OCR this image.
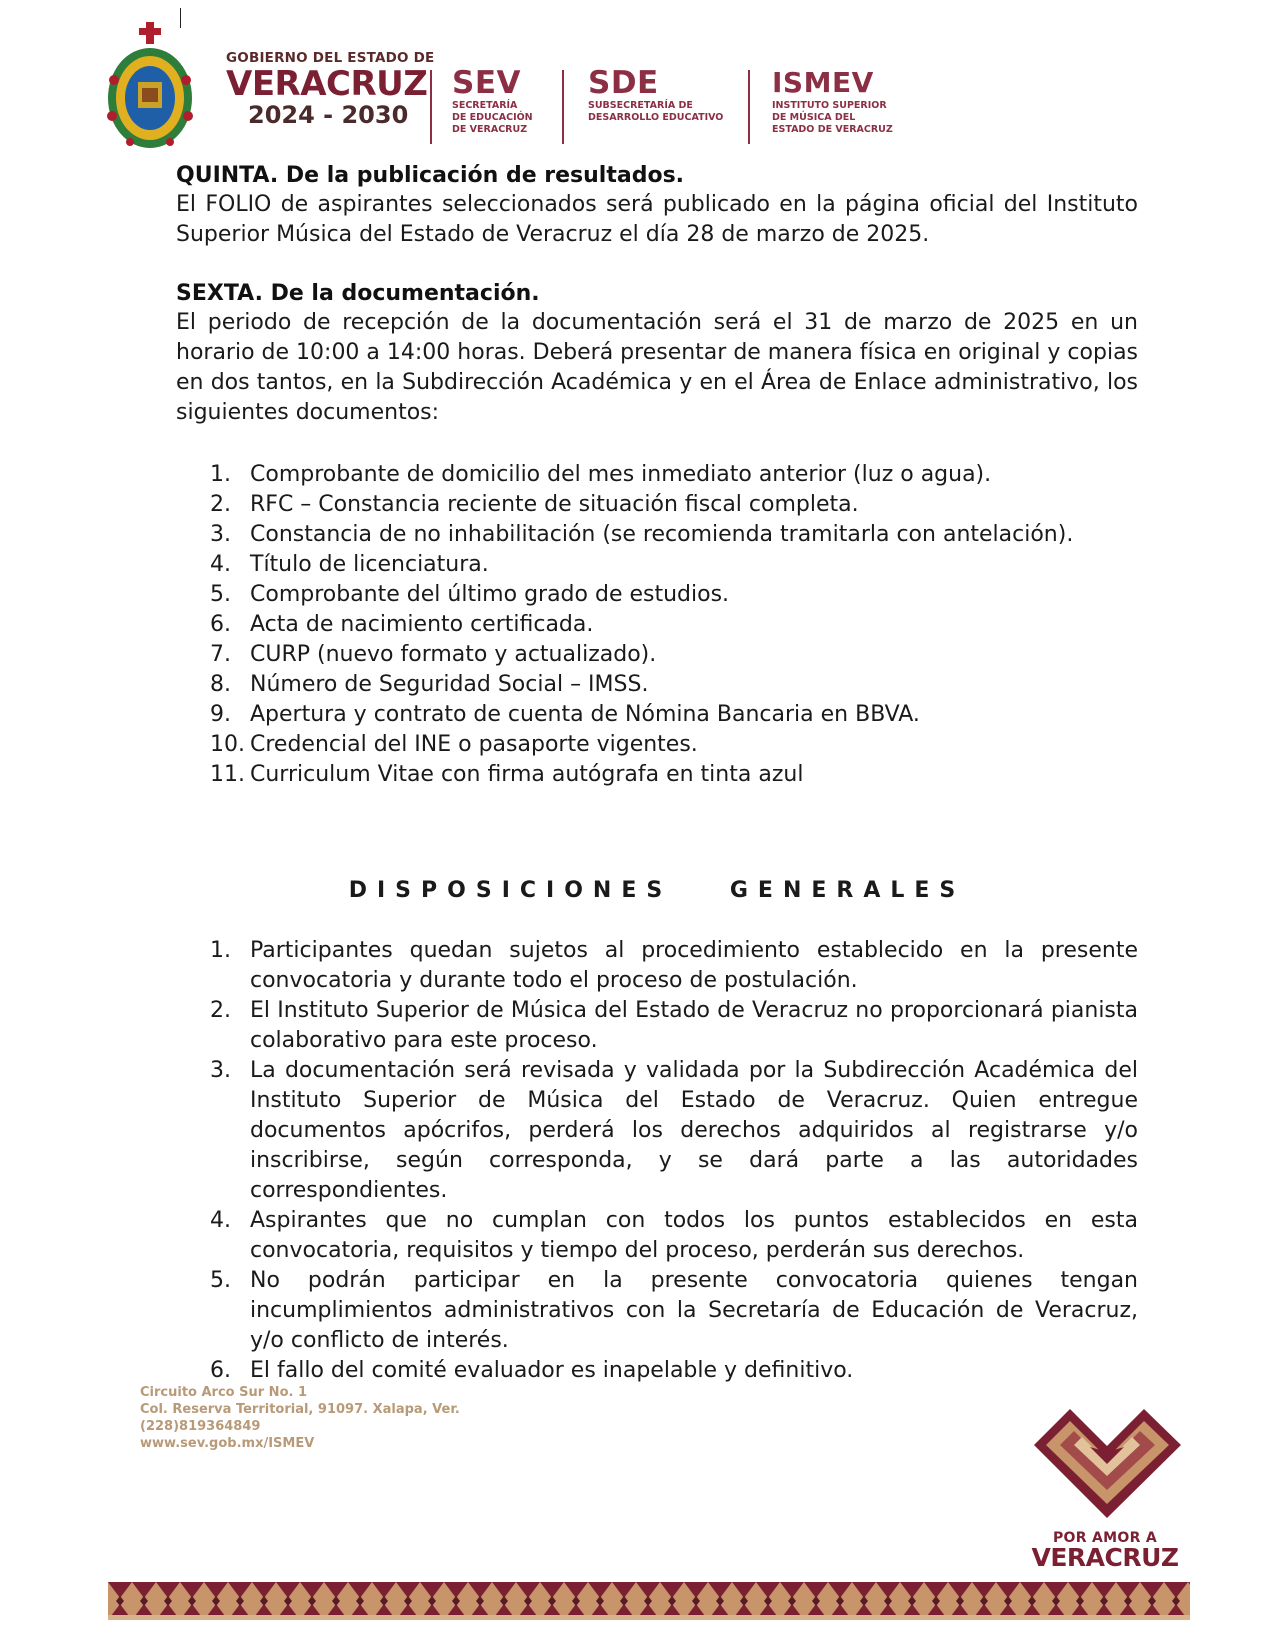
GOBIERNO DEL ESTADO DE
VERACRUZ
2024 - 2030
SEV
SECRETARÍA
DE EDUCACIÓN
DE VERACRUZ
SDE
SUBSECRETARÍA DE
DESARROLLO EDUCATIVO
ISMEV
INSTITUTO SUPERIOR
DE MÚSICA DEL
ESTADO DE VERACRUZ
QUINTA. De la publicación de resultados.
El FOLIO de aspirantes seleccionados será publicado en la página oficial del Instituto Superior Música del Estado de Veracruz el día 28 de marzo de 2025.
SEXTA. De la documentación.
El periodo de recepción de la documentación será el 31 de marzo de 2025 en un horario de 10:00 a 14:00 horas. Deberá presentar de manera física en original y copias en dos tantos, en la Subdirección Académica y en el Área de Enlace administrativo, los siguientes documentos:
1. Comprobante de domicilio del mes inmediato anterior (luz o agua).
2. RFC – Constancia reciente de situación fiscal completa.
3. Constancia de no inhabilitación (se recomienda tramitarla con antelación).
4. Título de licenciatura.
5. Comprobante del último grado de estudios.
6. Acta de nacimiento certificada.
7. CURP (nuevo formato y actualizado).
8. Número de Seguridad Social – IMSS.
9. Apertura y contrato de cuenta de Nómina Bancaria en BBVA.
10. Credencial del INE o pasaporte vigentes.
11. Curriculum Vitae con firma autógrafa en tinta azul
DISPOSICIONES GENERALES
1. Participantes quedan sujetos al procedimiento establecido en la presente convocatoria y durante todo el proceso de postulación.
2. El Instituto Superior de Música del Estado de Veracruz no proporcionará pianista colaborativo para este proceso.
3. La documentación será revisada y validada por la Subdirección Académica del Instituto Superior de Música del Estado de Veracruz. Quien entregue documentos apócrifos, perderá los derechos adquiridos al registrarse y/o inscribirse, según corresponda, y se dará parte a las autoridades correspondientes.
4. Aspirantes que no cumplan con todos los puntos establecidos en esta convocatoria, requisitos y tiempo del proceso, perderán sus derechos.
5. No podrán participar en la presente convocatoria quienes tengan incumplimientos administrativos con la Secretaría de Educación de Veracruz, y/o conflicto de interés.
6. El fallo del comité evaluador es inapelable y definitivo.
Circuito Arco Sur No. 1
Col. Reserva Territorial, 91097. Xalapa, Ver.
(228)819364849
www.sev.gob.mx/ISMEV
POR AMOR A
VERACRUZ
